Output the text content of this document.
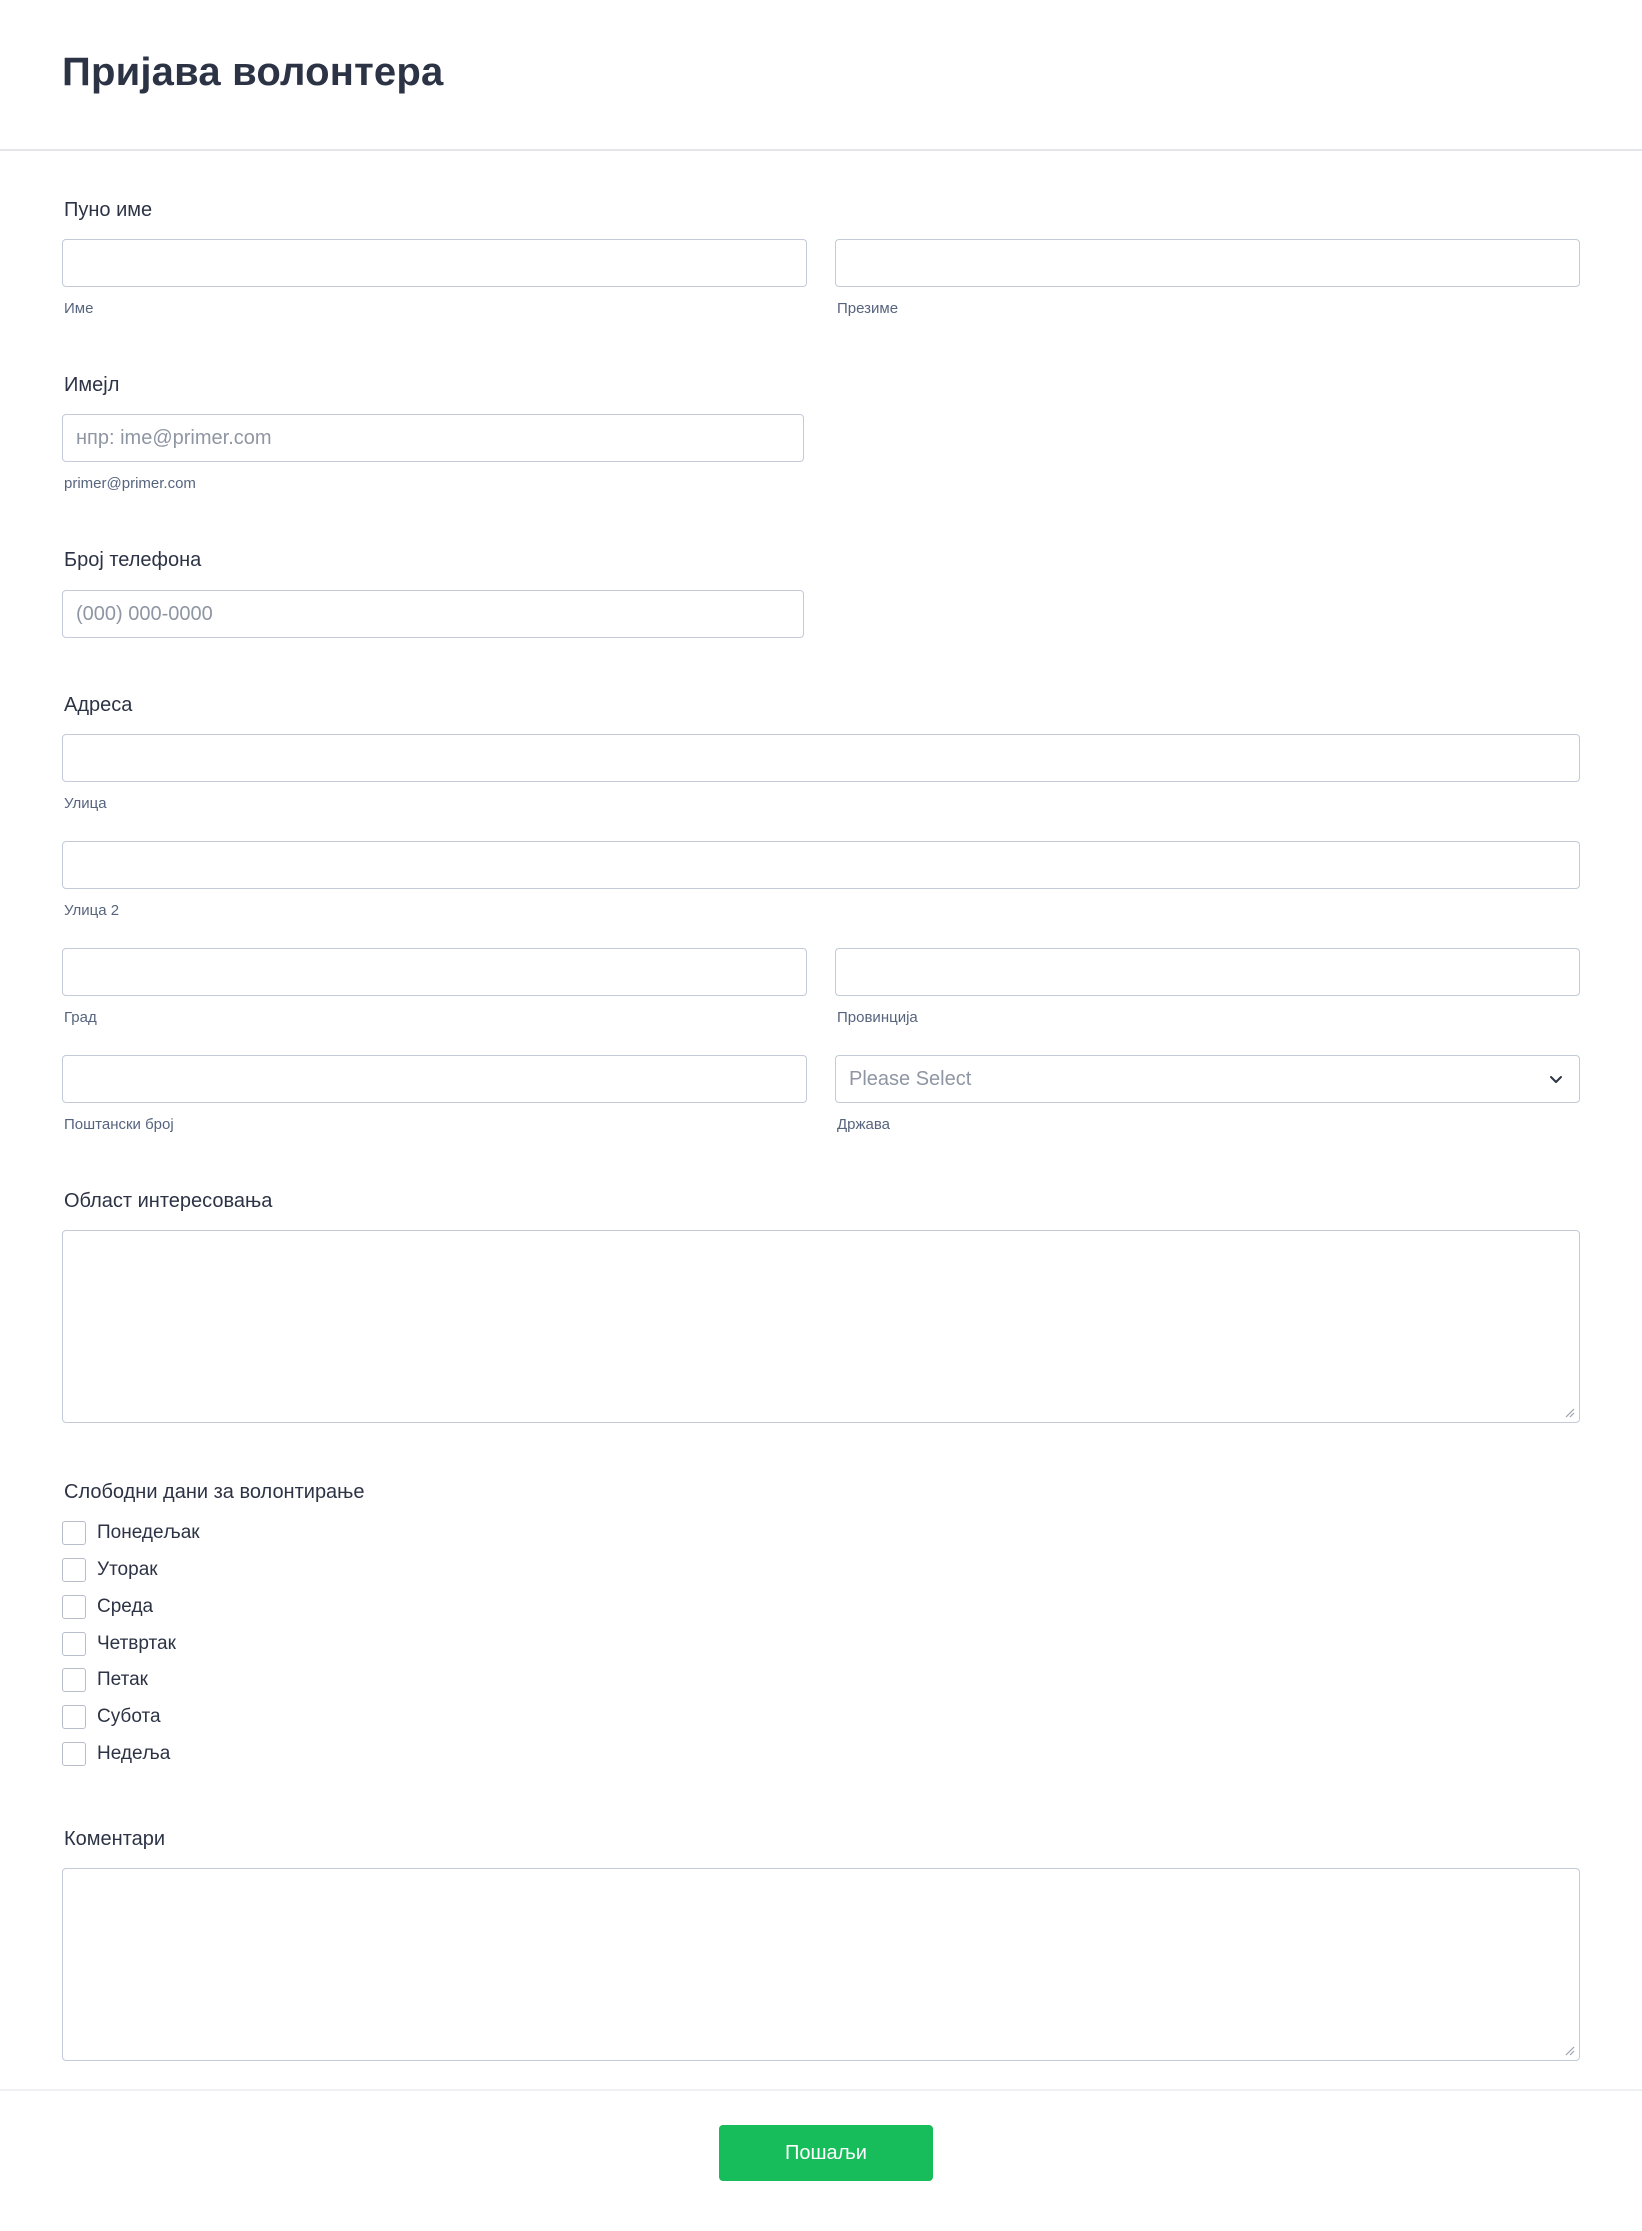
Пријава волонтера
Пуно име
Име	Презиме
Имејл
нпр: ime@primer.com
primer@primer.com
Број телефона
(000) 000-0000
Адреса
Улица
Улица 2
Град	Провинција
Поштански број
Please Select
Држава
Област интересовања
Слободни дани за волонтирање
Понедељак
Уторак
Среда
Четвртак
Петак
Субота
Недеља
Коментари
Пошаљи
